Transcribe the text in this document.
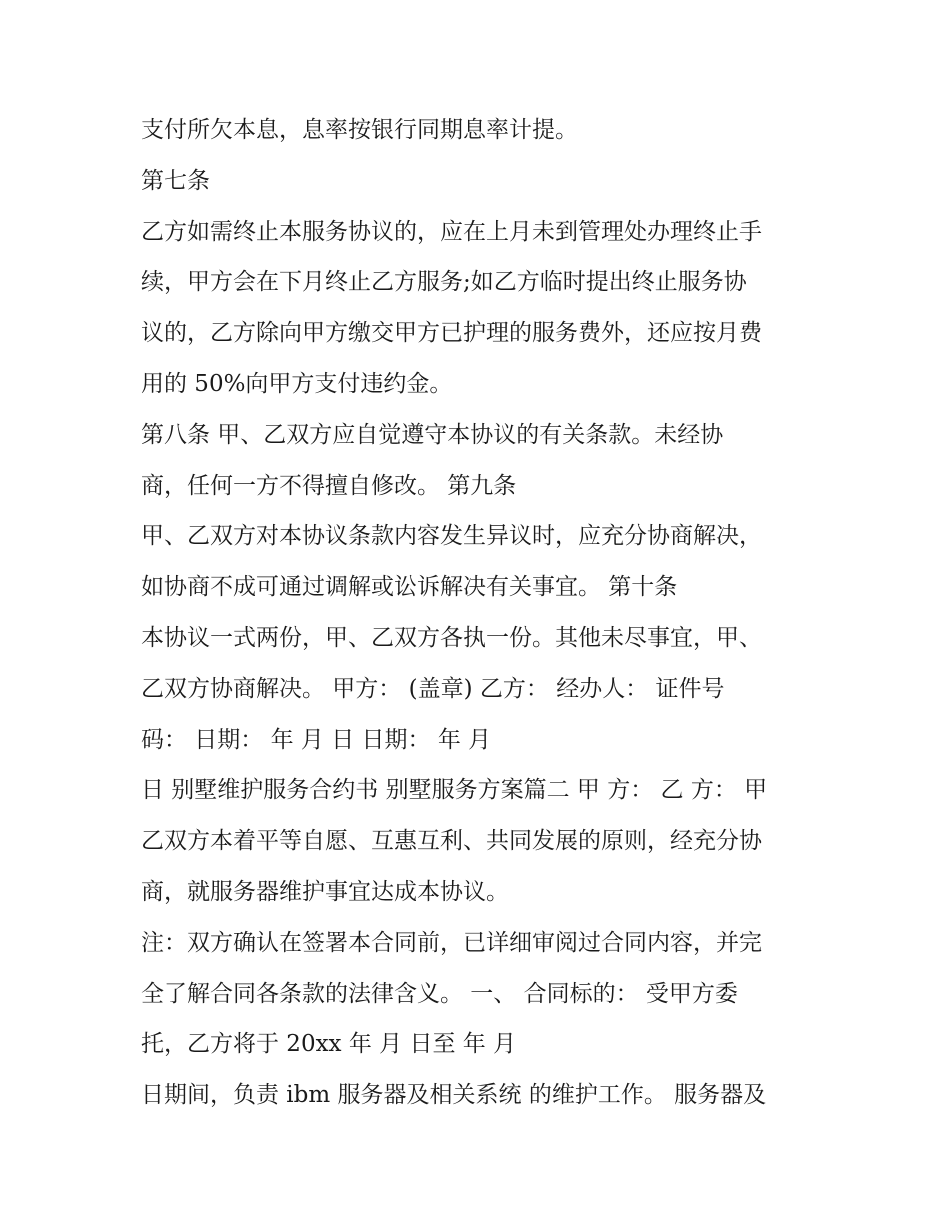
支付所欠本息，息率按银行同期息率计提。
第七条
乙方如需终止本服务协议的，应在上月未到管理处办理终止手
续，甲方会在下月终止乙方服务;如乙方临时提出终止服务协
议的，乙方除向甲方缴交甲方已护理的服务费外，还应按月费
用的 50%向甲方支付违约金。
第八条 甲、乙双方应自觉遵守本协议的有关条款。未经协
商，任何一方不得擅自修改。 第九条
甲、乙双方对本协议条款内容发生异议时，应充分协商解决，
如协商不成可通过调解或讼诉解决有关事宜。 第十条
本协议一式两份，甲、乙双方各执一份。其他未尽事宜，甲、
乙双方协商解决。 甲方： (盖章) 乙方： 经办人： 证件号
码： 日期： 年 月 日 日期： 年 月
日 别墅维护服务合约书 别墅服务方案篇二 甲 方： 乙 方： 甲
乙双方本着平等自愿、互惠互利、共同发展的原则，经充分协
商，就服务器维护事宜达成本协议。
注：双方确认在签署本合同前，已详细审阅过合同内容，并完
全了解合同各条款的法律含义。 一、 合同标的： 受甲方委
托，乙方将于 20xx 年 月 日至 年 月
日期间，负责 ibm 服务器及相关系统 的维护工作。 服务器及
